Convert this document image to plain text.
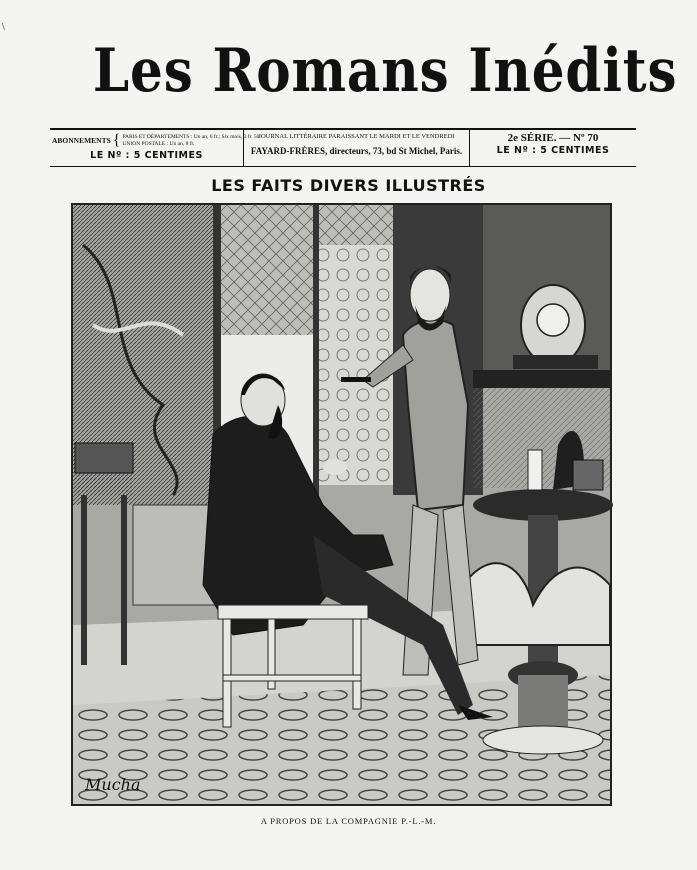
\
Les Romans Inédits
ABONNEMENTS { PARIS ET DÉPARTEMENTS : Un an, 6 fr.; Six mois, 3 fr. 50.
UNION POSTALE : Un an, 8 fr.
LE Nº : 5 CENTIMES
JOURNAL LITTÉRAIRE PARAISSANT LE MARDI ET LE VENDREDI
FAYARD-FRÈRES, directeurs, 73, bd St Michel, Paris.
2e SÉRIE. — Nº 70
LE Nº : 5 CENTIMES
LES FAITS DIVERS ILLUSTRÉS
Mucha
A PROPOS DE LA COMPAGNIE P.-L.-M.
